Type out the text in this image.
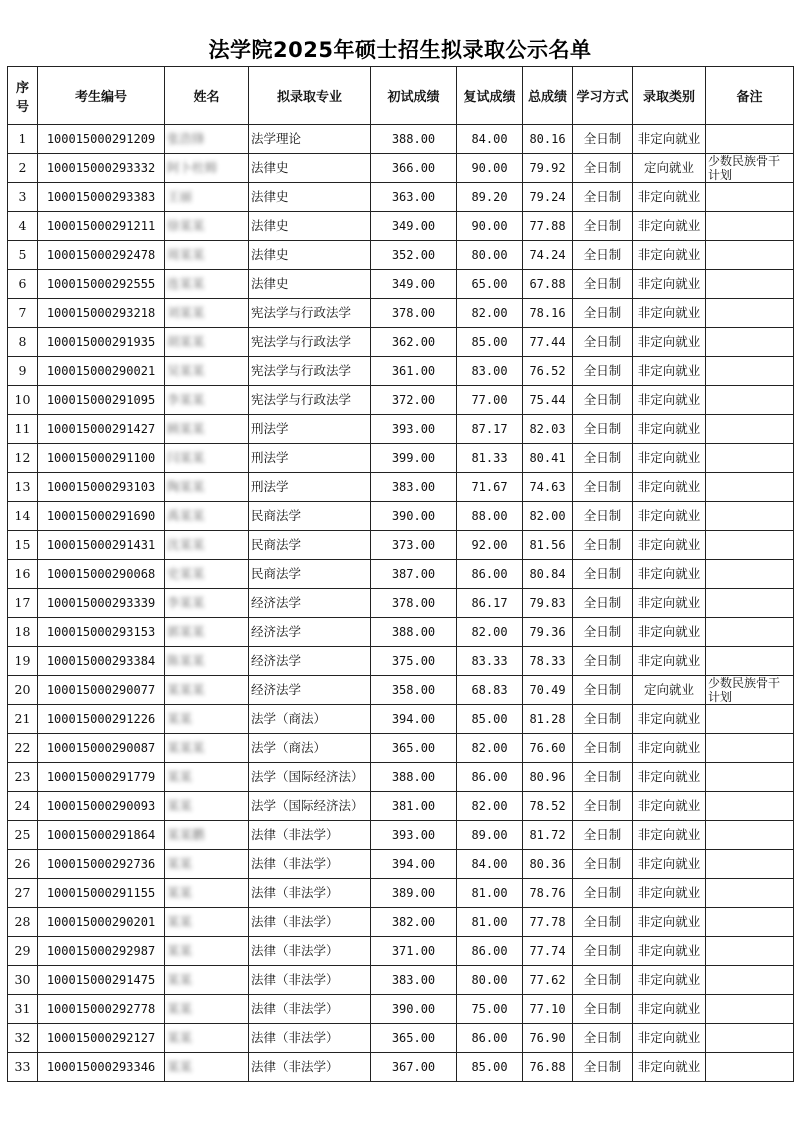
法学院2025年硕士招生拟录取公示名单
序号	考生编号	姓名	拟录取专业	初试成绩	复试成绩	总成绩	学习方式	录取类别	备注
1	100015000291209	张浩锋	法学理论	388.00	84.00	80.16	全日制	非定向就业	
2	100015000293332	阿卜杜姆	法律史	366.00	90.00	79.92	全日制	定向就业	少数民族骨干计划
3	100015000293383	王丽	法律史	363.00	89.20	79.24	全日制	非定向就业	
4	100015000291211	徐某某	法律史	349.00	90.00	77.88	全日制	非定向就业	
5	100015000292478	周某某	法律史	352.00	80.00	74.24	全日制	非定向就业	
6	100015000292555	连某某	法律史	349.00	65.00	67.88	全日制	非定向就业	
7	100015000293218	刘某某	宪法学与行政法学	378.00	82.00	78.16	全日制	非定向就业	
8	100015000291935	胡某某	宪法学与行政法学	362.00	85.00	77.44	全日制	非定向就业	
9	100015000290021	吴某某	宪法学与行政法学	361.00	83.00	76.52	全日制	非定向就业	
10	100015000291095	李某某	宪法学与行政法学	372.00	77.00	75.44	全日制	非定向就业	
11	100015000291427	顾某某	刑法学	393.00	87.17	82.03	全日制	非定向就业	
12	100015000291100	闫某某	刑法学	399.00	81.33	80.41	全日制	非定向就业	
13	100015000293103	陶某某	刑法学	383.00	71.67	74.63	全日制	非定向就业	
14	100015000291690	禹某某	民商法学	390.00	88.00	82.00	全日制	非定向就业	
15	100015000291431	沈某某	民商法学	373.00	92.00	81.56	全日制	非定向就业	
16	100015000290068	史某某	民商法学	387.00	86.00	80.84	全日制	非定向就业	
17	100015000293339	李某某	经济法学	378.00	86.17	79.83	全日制	非定向就业	
18	100015000293153	郭某某	经济法学	388.00	82.00	79.36	全日制	非定向就业	
19	100015000293384	陈某某	经济法学	375.00	83.33	78.33	全日制	非定向就业	
20	100015000290077	某某某	经济法学	358.00	68.83	70.49	全日制	定向就业	少数民族骨干计划
21	100015000291226	某某	法学（商法）	394.00	85.00	81.28	全日制	非定向就业	
22	100015000290087	某某某	法学（商法）	365.00	82.00	76.60	全日制	非定向就业	
23	100015000291779	某某	法学（国际经济法）	388.00	86.00	80.96	全日制	非定向就业	
24	100015000290093	某某	法学（国际经济法）	381.00	82.00	78.52	全日制	非定向就业	
25	100015000291864	某某鹏	法律（非法学）	393.00	89.00	81.72	全日制	非定向就业	
26	100015000292736	某某	法律（非法学）	394.00	84.00	80.36	全日制	非定向就业	
27	100015000291155	某某	法律（非法学）	389.00	81.00	78.76	全日制	非定向就业	
28	100015000290201	某某	法律（非法学）	382.00	81.00	77.78	全日制	非定向就业	
29	100015000292987	某某	法律（非法学）	371.00	86.00	77.74	全日制	非定向就业	
30	100015000291475	某某	法律（非法学）	383.00	80.00	77.62	全日制	非定向就业	
31	100015000292778	某某	法律（非法学）	390.00	75.00	77.10	全日制	非定向就业	
32	100015000292127	某某	法律（非法学）	365.00	86.00	76.90	全日制	非定向就业	
33	100015000293346	某某	法律（非法学）	367.00	85.00	76.88	全日制	非定向就业	
